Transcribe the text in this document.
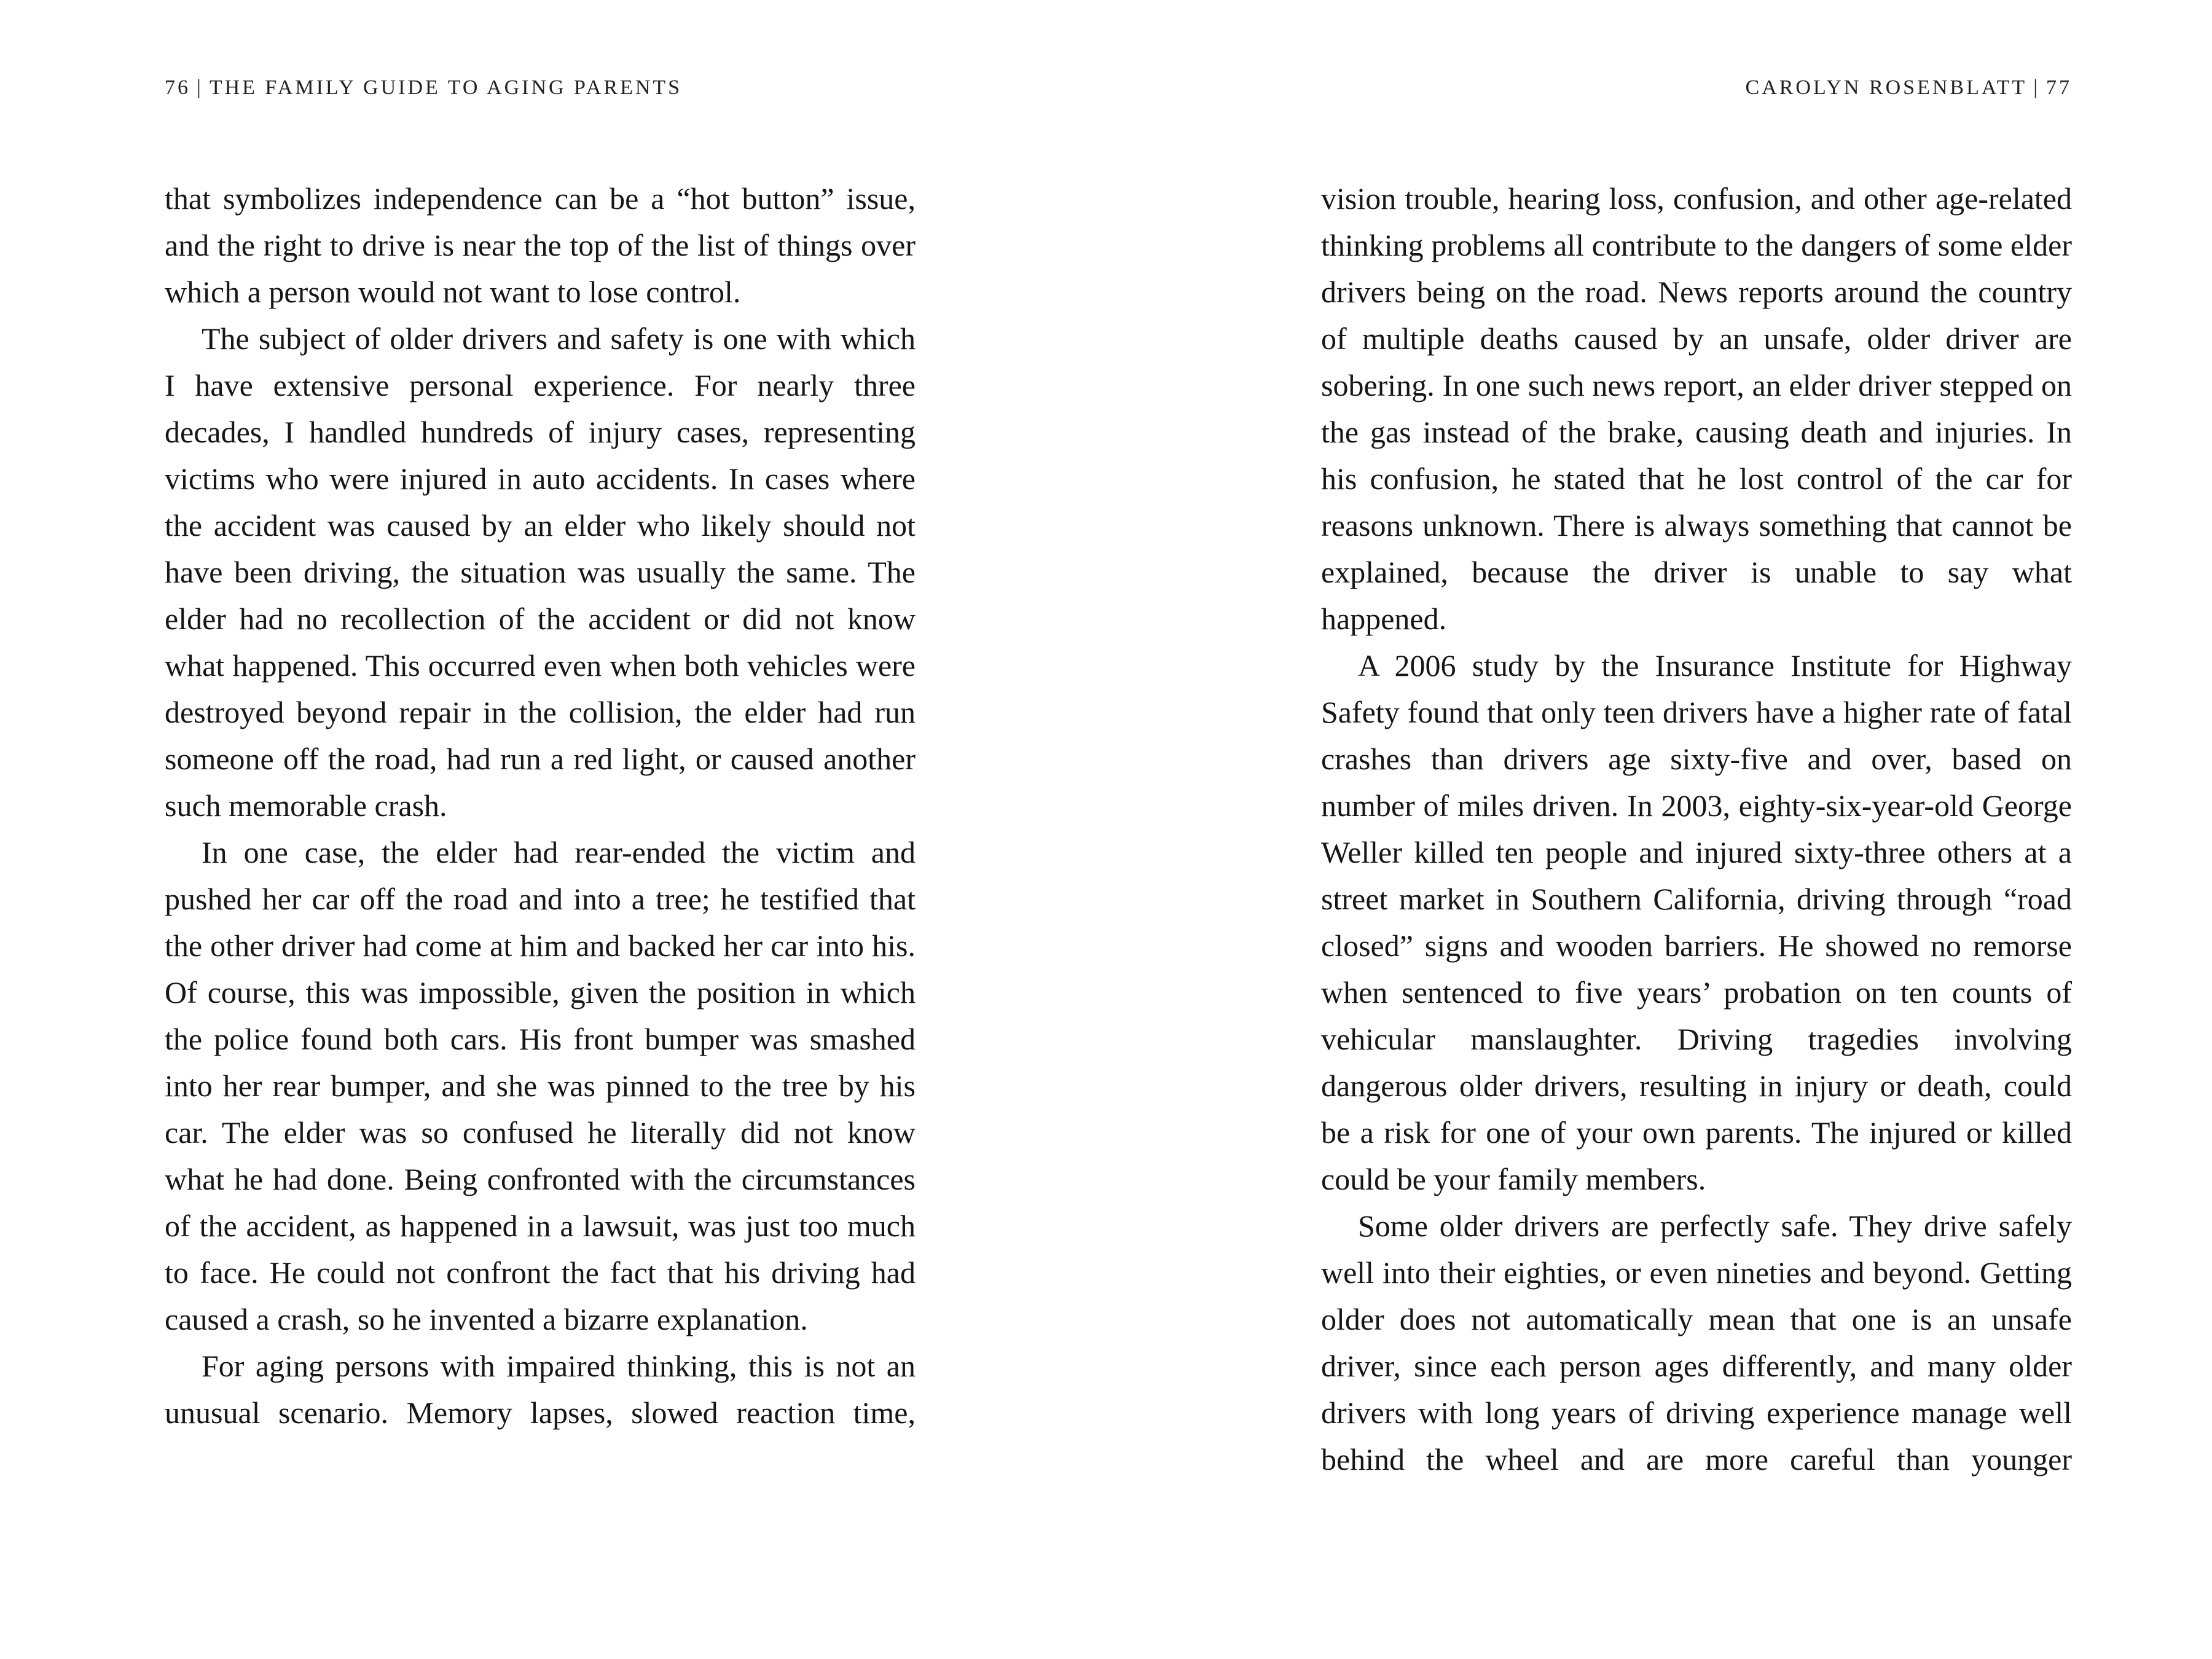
76 | THE FAMILY GUIDE TO AGING PARENTS

that symbolizes independence can be a “hot button” issue, and the right to drive is near the top of the list of things over which a person would not want to lose control.

The subject of older drivers and safety is one with which I have extensive personal experience. For nearly three decades, I handled hundreds of injury cases, representing victims who were injured in auto accidents. In cases where the accident was caused by an elder who likely should not have been driving, the situation was usually the same. The elder had no recollection of the accident or did not know what happened. This occurred even when both vehicles were destroyed beyond repair in the collision, the elder had run someone off the road, had run a red light, or caused another such memorable crash.

In one case, the elder had rear-ended the victim and pushed her car off the road and into a tree; he testified that the other driver had come at him and backed her car into his. Of course, this was impossible, given the position in which the police found both cars. His front bumper was smashed into her rear bumper, and she was pinned to the tree by his car. The elder was so confused he literally did not know what he had done. Being confronted with the circumstances of the accident, as happened in a lawsuit, was just too much to face. He could not confront the fact that his driving had caused a crash, so he invented a bizarre explanation.

For aging persons with impaired thinking, this is not an unusual scenario. Memory lapses, slowed reaction time,

CAROLYN ROSENBLATT | 77

vision trouble, hearing loss, confusion, and other age-related thinking problems all contribute to the dangers of some elder drivers being on the road. News reports around the country of multiple deaths caused by an unsafe, older driver are sobering. In one such news report, an elder driver stepped on the gas instead of the brake, causing death and injuries. In his confusion, he stated that he lost control of the car for reasons unknown. There is always something that cannot be explained, because the driver is unable to say what happened.

A 2006 study by the Insurance Institute for Highway Safety found that only teen drivers have a higher rate of fatal crashes than drivers age sixty-five and over, based on number of miles driven. In 2003, eighty-six-year-old George Weller killed ten people and injured sixty-three others at a street market in Southern California, driving through “road closed” signs and wooden barriers. He showed no remorse when sentenced to five years’ probation on ten counts of vehicular manslaughter. Driving tragedies involving dangerous older drivers, resulting in injury or death, could be a risk for one of your own parents. The injured or killed could be your family members.

Some older drivers are perfectly safe. They drive safely well into their eighties, or even nineties and beyond. Getting older does not automatically mean that one is an unsafe driver, since each person ages differently, and many older drivers with long years of driving experience manage well behind the wheel and are more careful than younger
